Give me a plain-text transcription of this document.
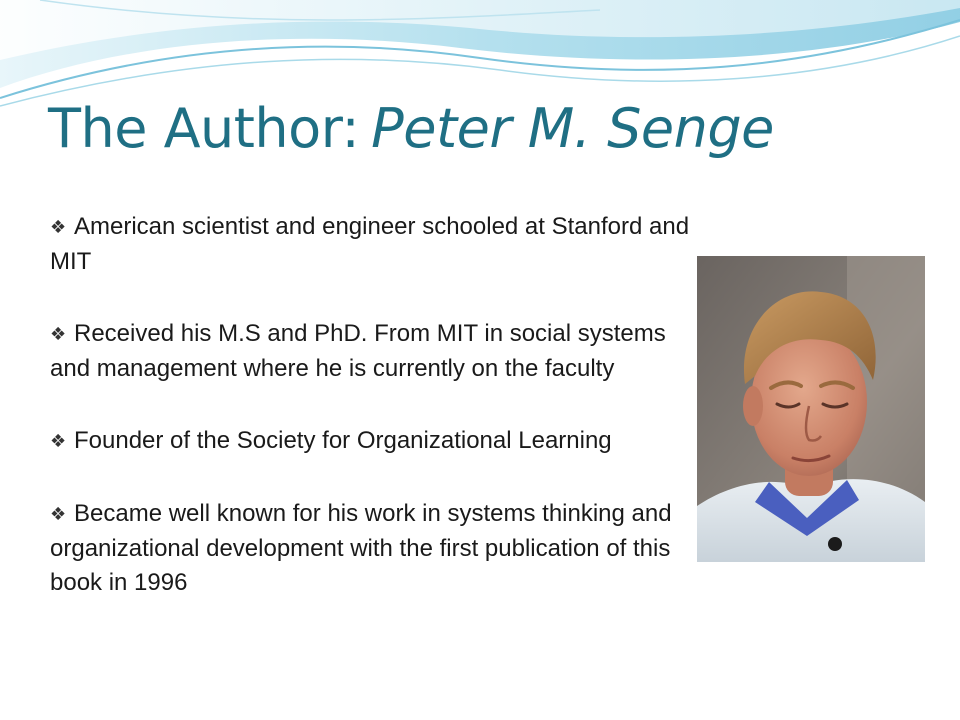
The Author: Peter M. Senge

❖ American scientist and engineer schooled at Stanford and MIT

❖ Received his M.S and PhD. From MIT in social systems and management where he is currently on the faculty

❖ Founder of the Society for Organizational Learning

❖ Became well known for his work in systems thinking and organizational development with the first publication of this book in 1996
